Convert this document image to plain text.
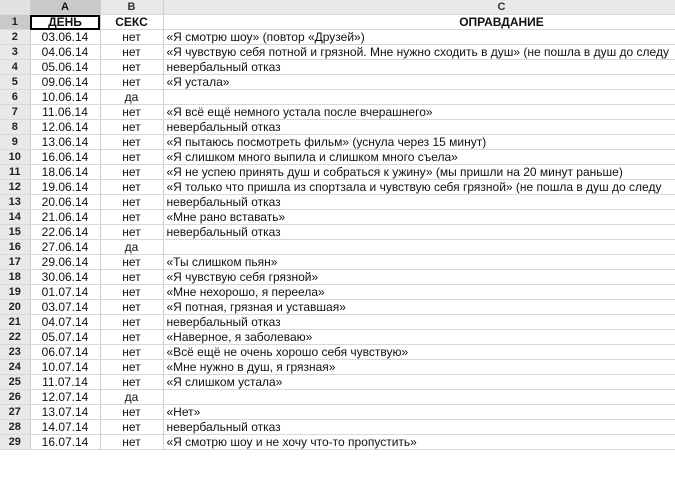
	A	B	C
1	ДЕНЬ	СЕКС	ОПРАВДАНИЕ
2	03.06.14	нет	«Я смотрю шоу» (повтор «Друзей»)
3	04.06.14	нет	«Я чувствую себя потной и грязной. Мне нужно сходить в душ» (не пошла в душ до следу
4	05.06.14	нет	невербальный отказ
5	09.06.14	нет	«Я устала»
6	10.06.14	да	
7	11.06.14	нет	«Я всё ещё немного устала после вчерашнего»
8	12.06.14	нет	невербальный отказ
9	13.06.14	нет	«Я пытаюсь посмотреть фильм» (уснула через 15 минут)
10	16.06.14	нет	«Я слишком много выпила и слишком много съела»
11	18.06.14	нет	«Я не успею принять душ и собраться к ужину» (мы пришли на 20 минут раньше)
12	19.06.14	нет	«Я только что пришла из спортзала и чувствую себя грязной» (не пошла в душ до следу
13	20.06.14	нет	невербальный отказ
14	21.06.14	нет	«Мне рано вставать»
15	22.06.14	нет	невербальный отказ
16	27.06.14	да	
17	29.06.14	нет	«Ты слишком пьян»
18	30.06.14	нет	«Я чувствую себя грязной»
19	01.07.14	нет	«Мне нехорошо, я переела»
20	03.07.14	нет	«Я потная, грязная и уставшая»
21	04.07.14	нет	невербальный отказ
22	05.07.14	нет	«Наверное, я заболеваю»
23	06.07.14	нет	«Всё ещё не очень хорошо себя чувствую»
24	10.07.14	нет	«Мне нужно в душ, я грязная»
25	11.07.14	нет	«Я слишком устала»
26	12.07.14	да	
27	13.07.14	нет	«Нет»
28	14.07.14	нет	невербальный отказ
29	16.07.14	нет	«Я смотрю шоу и не хочу что-то пропустить»
